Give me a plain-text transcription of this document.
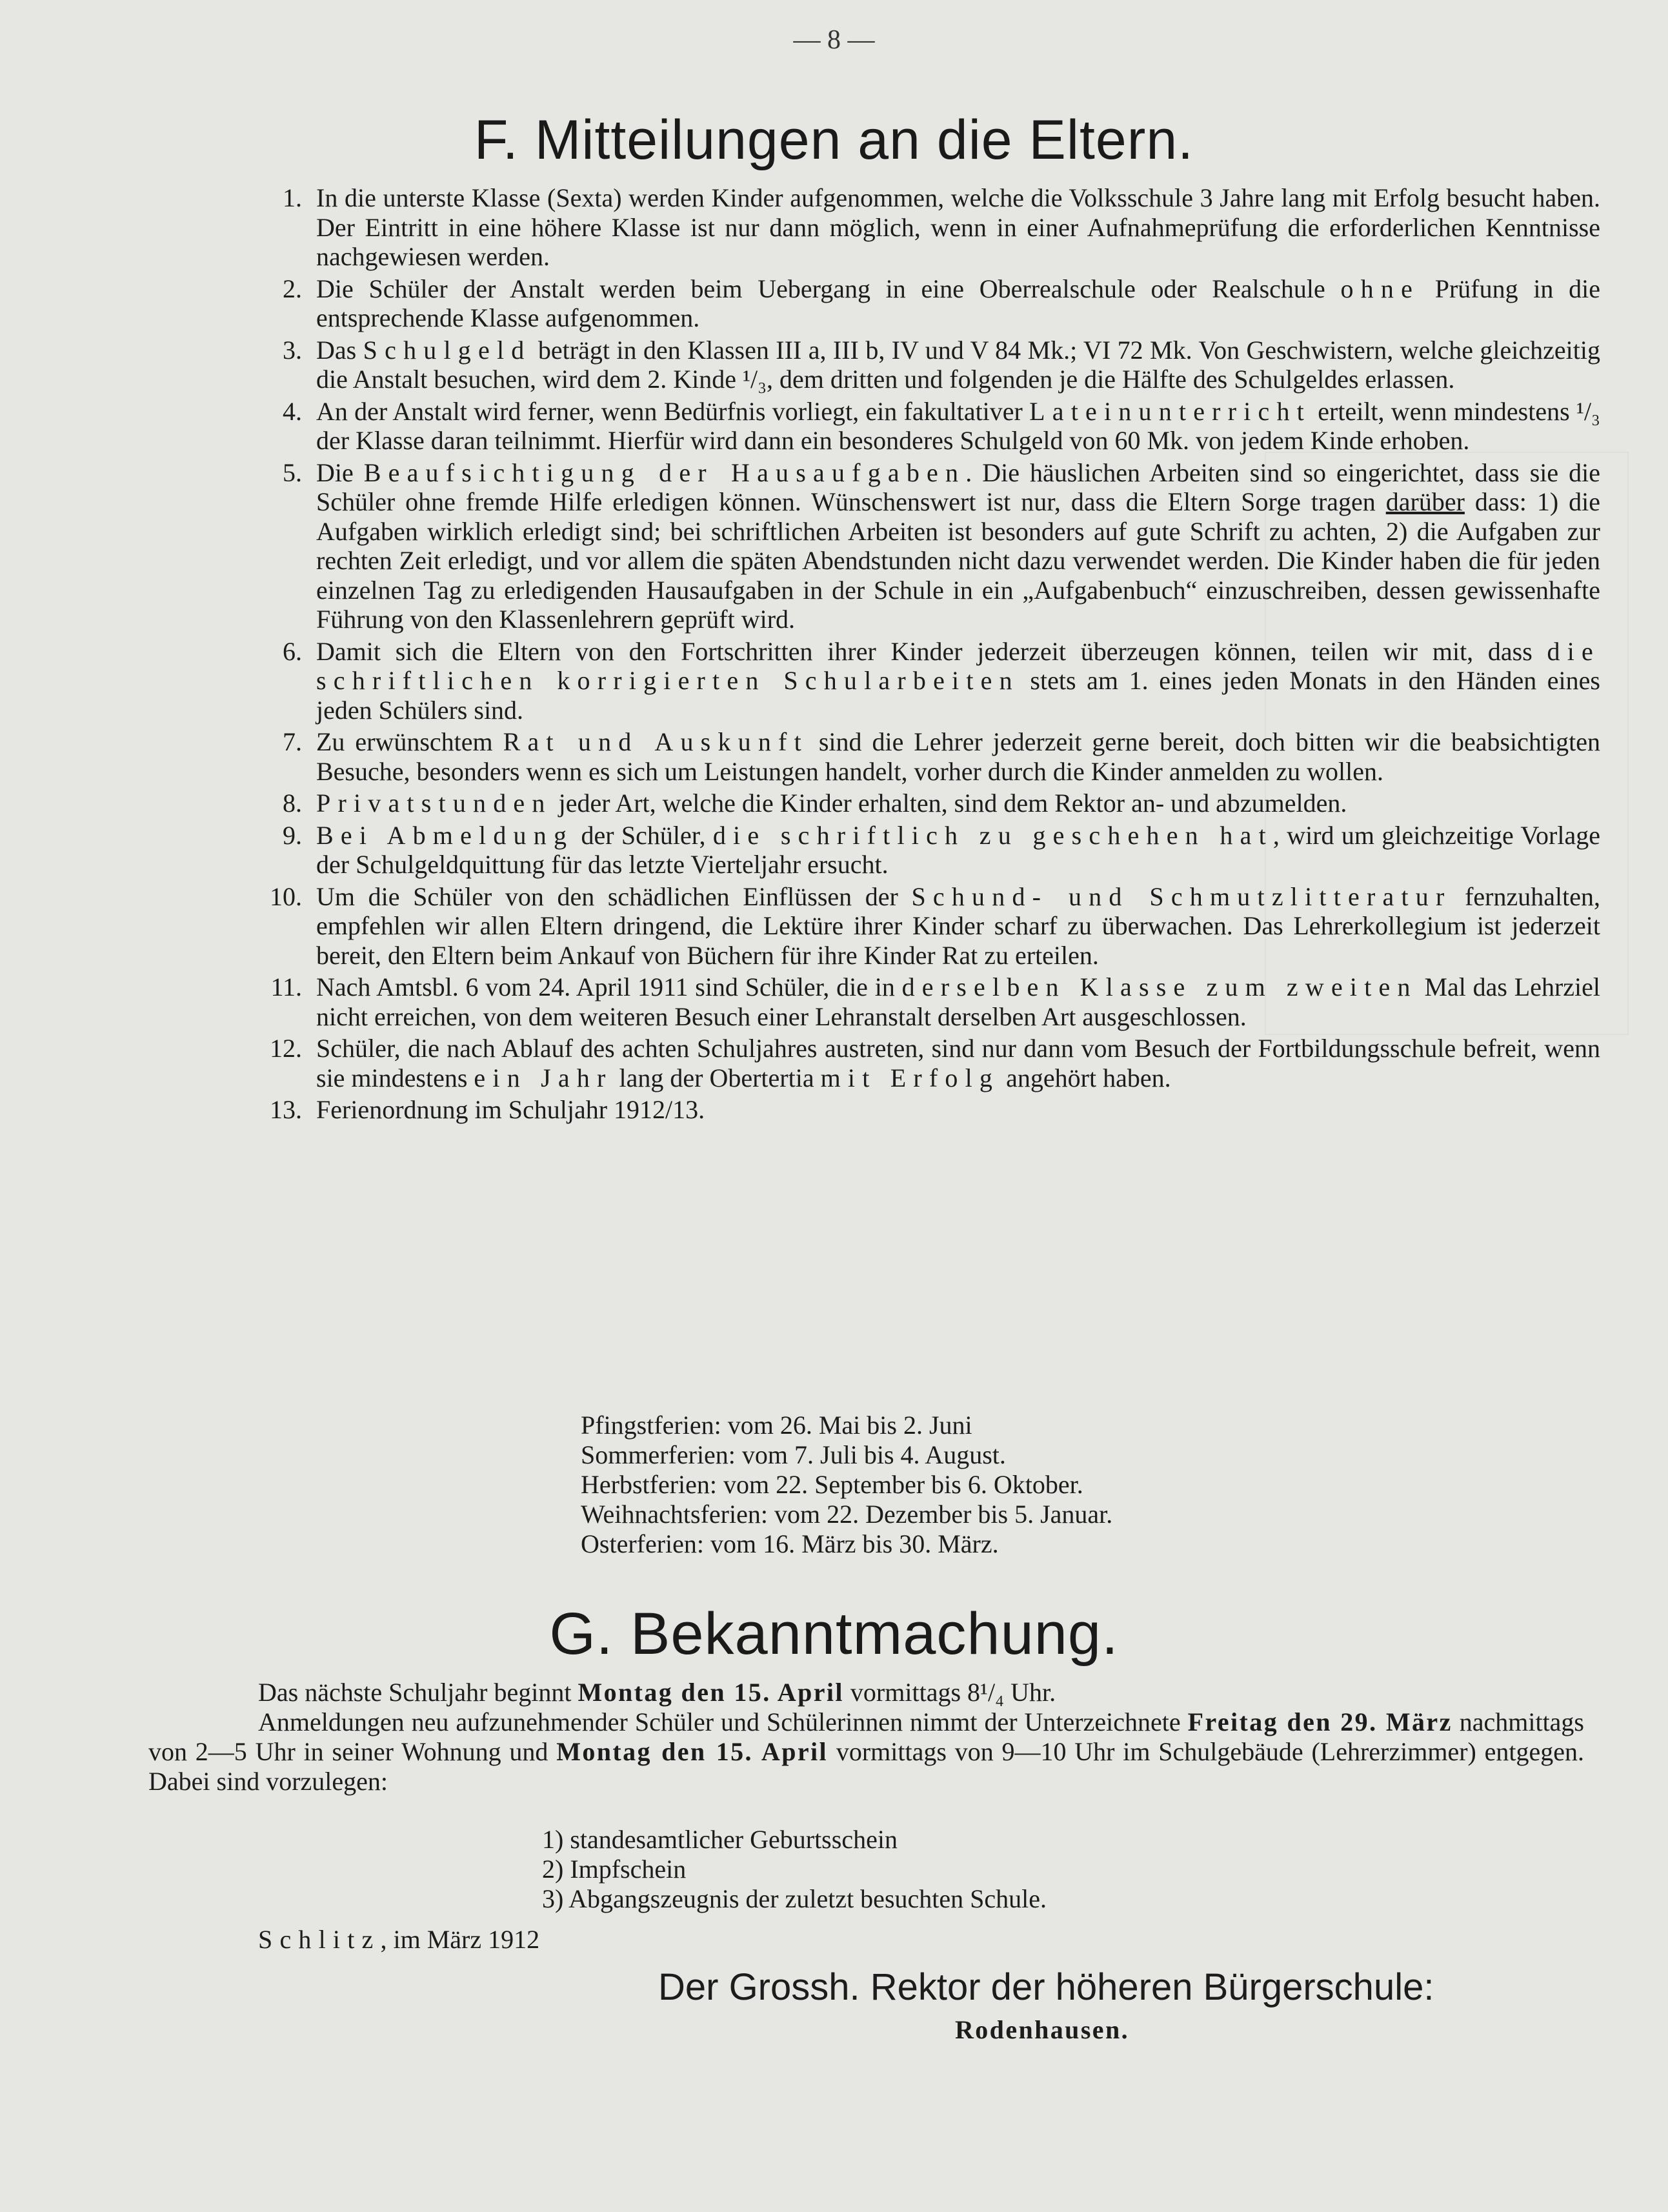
— 8 —
F. Mitteilungen an die Eltern.
1. In die unterste Klasse (Sexta) werden Kinder aufgenommen, welche die Volksschule 3 Jahre lang mit Erfolg besucht haben. Der Eintritt in eine höhere Klasse ist nur dann möglich, wenn in einer Aufnahmeprüfung die erforderlichen Kenntnisse nachgewiesen werden.
2. Die Schüler der Anstalt werden beim Uebergang in eine Oberrealschule oder Realschule ohne Prüfung in die entsprechende Klasse aufgenommen.
3. Das Schulgeld beträgt in den Klassen III a, III b, IV und V 84 Mk.; VI 72 Mk. Von Geschwistern, welche gleichzeitig die Anstalt besuchen, wird dem 2. Kinde ¹/₃, dem dritten und folgenden je die Hälfte des Schulgeldes erlassen.
4. An der Anstalt wird ferner, wenn Bedürfnis vorliegt, ein fakultativer Lateinunterricht erteilt, wenn mindestens ¹/₃ der Klasse daran teilnimmt. Hierfür wird dann ein besonderes Schulgeld von 60 Mk. von jedem Kinde erhoben.
5. Die Beaufsichtigung der Hausaufgaben. Die häuslichen Arbeiten sind so eingerichtet, dass sie die Schüler ohne fremde Hilfe erledigen können. Wünschenswert ist nur, dass die Eltern Sorge tragen darüber dass: 1) die Aufgaben wirklich erledigt sind; bei schriftlichen Arbeiten ist besonders auf gute Schrift zu achten, 2) die Aufgaben zur rechten Zeit erledigt, und vor allem die späten Abendstunden nicht dazu verwendet werden. Die Kinder haben die für jeden einzelnen Tag zu erledigenden Hausaufgaben in der Schule in ein „Aufgabenbuch“ einzuschreiben, dessen gewissenhafte Führung von den Klassenlehrern geprüft wird.
6. Damit sich die Eltern von den Fortschritten ihrer Kinder jederzeit überzeugen können, teilen wir mit, dass die schriftlichen korrigierten Schularbeiten stets am 1. eines jeden Monats in den Händen eines jeden Schülers sind.
7. Zu erwünschtem Rat und Auskunft sind die Lehrer jederzeit gerne bereit, doch bitten wir die beabsichtigten Besuche, besonders wenn es sich um Leistungen handelt, vorher durch die Kinder anmelden zu wollen.
8. Privatstunden jeder Art, welche die Kinder erhalten, sind dem Rektor an- und abzumelden.
9. Bei Abmeldung der Schüler, die schriftlich zu geschehen hat, wird um gleichzeitige Vorlage der Schulgeldquittung für das letzte Vierteljahr ersucht.
10. Um die Schüler von den schädlichen Einflüssen der Schund- und Schmutzlitteratur fernzuhalten, empfehlen wir allen Eltern dringend, die Lektüre ihrer Kinder scharf zu überwachen. Das Lehrerkollegium ist jederzeit bereit, den Eltern beim Ankauf von Büchern für ihre Kinder Rat zu erteilen.
11. Nach Amtsbl. 6 vom 24. April 1911 sind Schüler, die in derselben Klasse zum zweiten Mal das Lehrziel nicht erreichen, von dem weiteren Besuch einer Lehranstalt derselben Art ausgeschlossen.
12. Schüler, die nach Ablauf des achten Schuljahres austreten, sind nur dann vom Besuch der Fortbildungsschule befreit, wenn sie mindestens ein Jahr lang der Obertertia mit Erfolg angehört haben.
13. Ferienordnung im Schuljahr 1912/13.
Pfingstferien: vom 26. Mai bis 2. Juni
Sommerferien: vom 7. Juli bis 4. August.
Herbstferien: vom 22. September bis 6. Oktober.
Weihnachtsferien: vom 22. Dezember bis 5. Januar.
Osterferien: vom 16. März bis 30. März.
G. Bekanntmachung.

Das nächste Schuljahr beginnt Montag den 15. April vormittags 8¹/₄ Uhr.

Anmeldungen neu aufzunehmender Schüler und Schülerinnen nimmt der Unterzeichnete Freitag den 29. März nachmittags von 2—5 Uhr in seiner Wohnung und Montag den 15. April vormittags von 9—10 Uhr im Schulgebäude (Lehrerzimmer) entgegen. Dabei sind vorzulegen:

1) standesamtlicher Geburtsschein
2) Impfschein
3) Abgangszeugnis der zuletzt besuchten Schule.
Schlitz, im März 1912
Der Grossh. Rektor der höheren Bürgerschule:
Rodenhausen.
